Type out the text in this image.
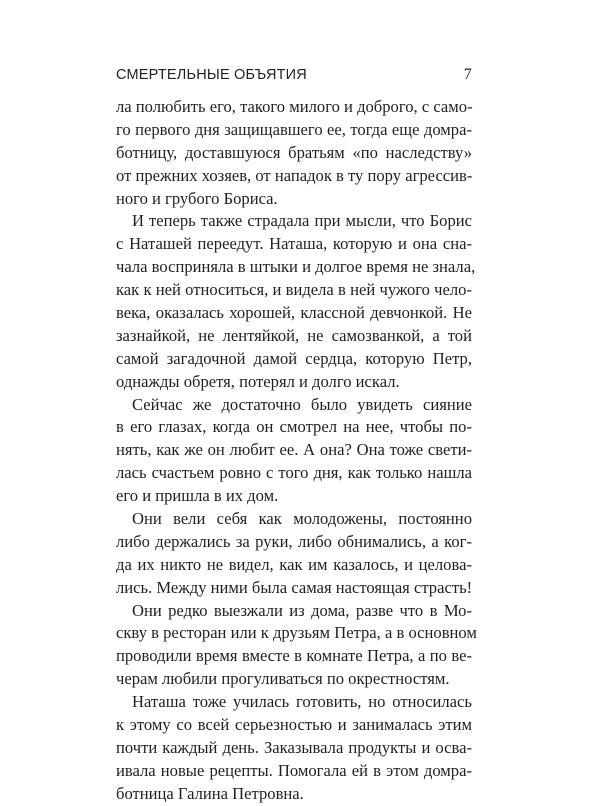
СМЕРТЕЛЬНЫЕ ОБЪЯТИЯ	7
ла полюбить его, такого милого и доброго, с само-
го первого дня защищавшего ее, тогда еще домра-
ботницу, доставшуюся братьям «по наследству»
от прежних хозяев, от нападок в ту пору агрессив-
ного и грубого Бориса.
И теперь также страдала при мысли, что Борис
с Наташей переедут. Наташа, которую и она сна-
чала восприняла в штыки и долгое время не знала,
как к ней относиться, и видела в ней чужого чело-
века, оказалась хорошей, классной девчонкой. Не
зазнайкой, не лентяйкой, не самозванкой, а той
самой загадочной дамой сердца, которую Петр,
однажды обретя, потерял и долго искал.
Сейчас же достаточно было увидеть сияние
в его глазах, когда он смотрел на нее, чтобы по-
нять, как же он любит ее. А она? Она тоже свети-
лась счастьем ровно с того дня, как только нашла
его и пришла в их дом.
Они вели себя как молодожены, постоянно
либо держались за руки, либо обнимались, а ког-
да их никто не видел, как им казалось, и целова-
лись. Между ними была самая настоящая страсть!
Они редко выезжали из дома, разве что в Мо-
скву в ресторан или к друзьям Петра, а в основном
проводили время вместе в комнате Петра, а по ве-
черам любили прогуливаться по окрестностям.
Наташа тоже училась готовить, но относилась
к этому со всей серьезностью и занималась этим
почти каждый день. Заказывала продукты и осва-
ивала новые рецепты. Помогала ей в этом домра-
ботница Галина Петровна.
